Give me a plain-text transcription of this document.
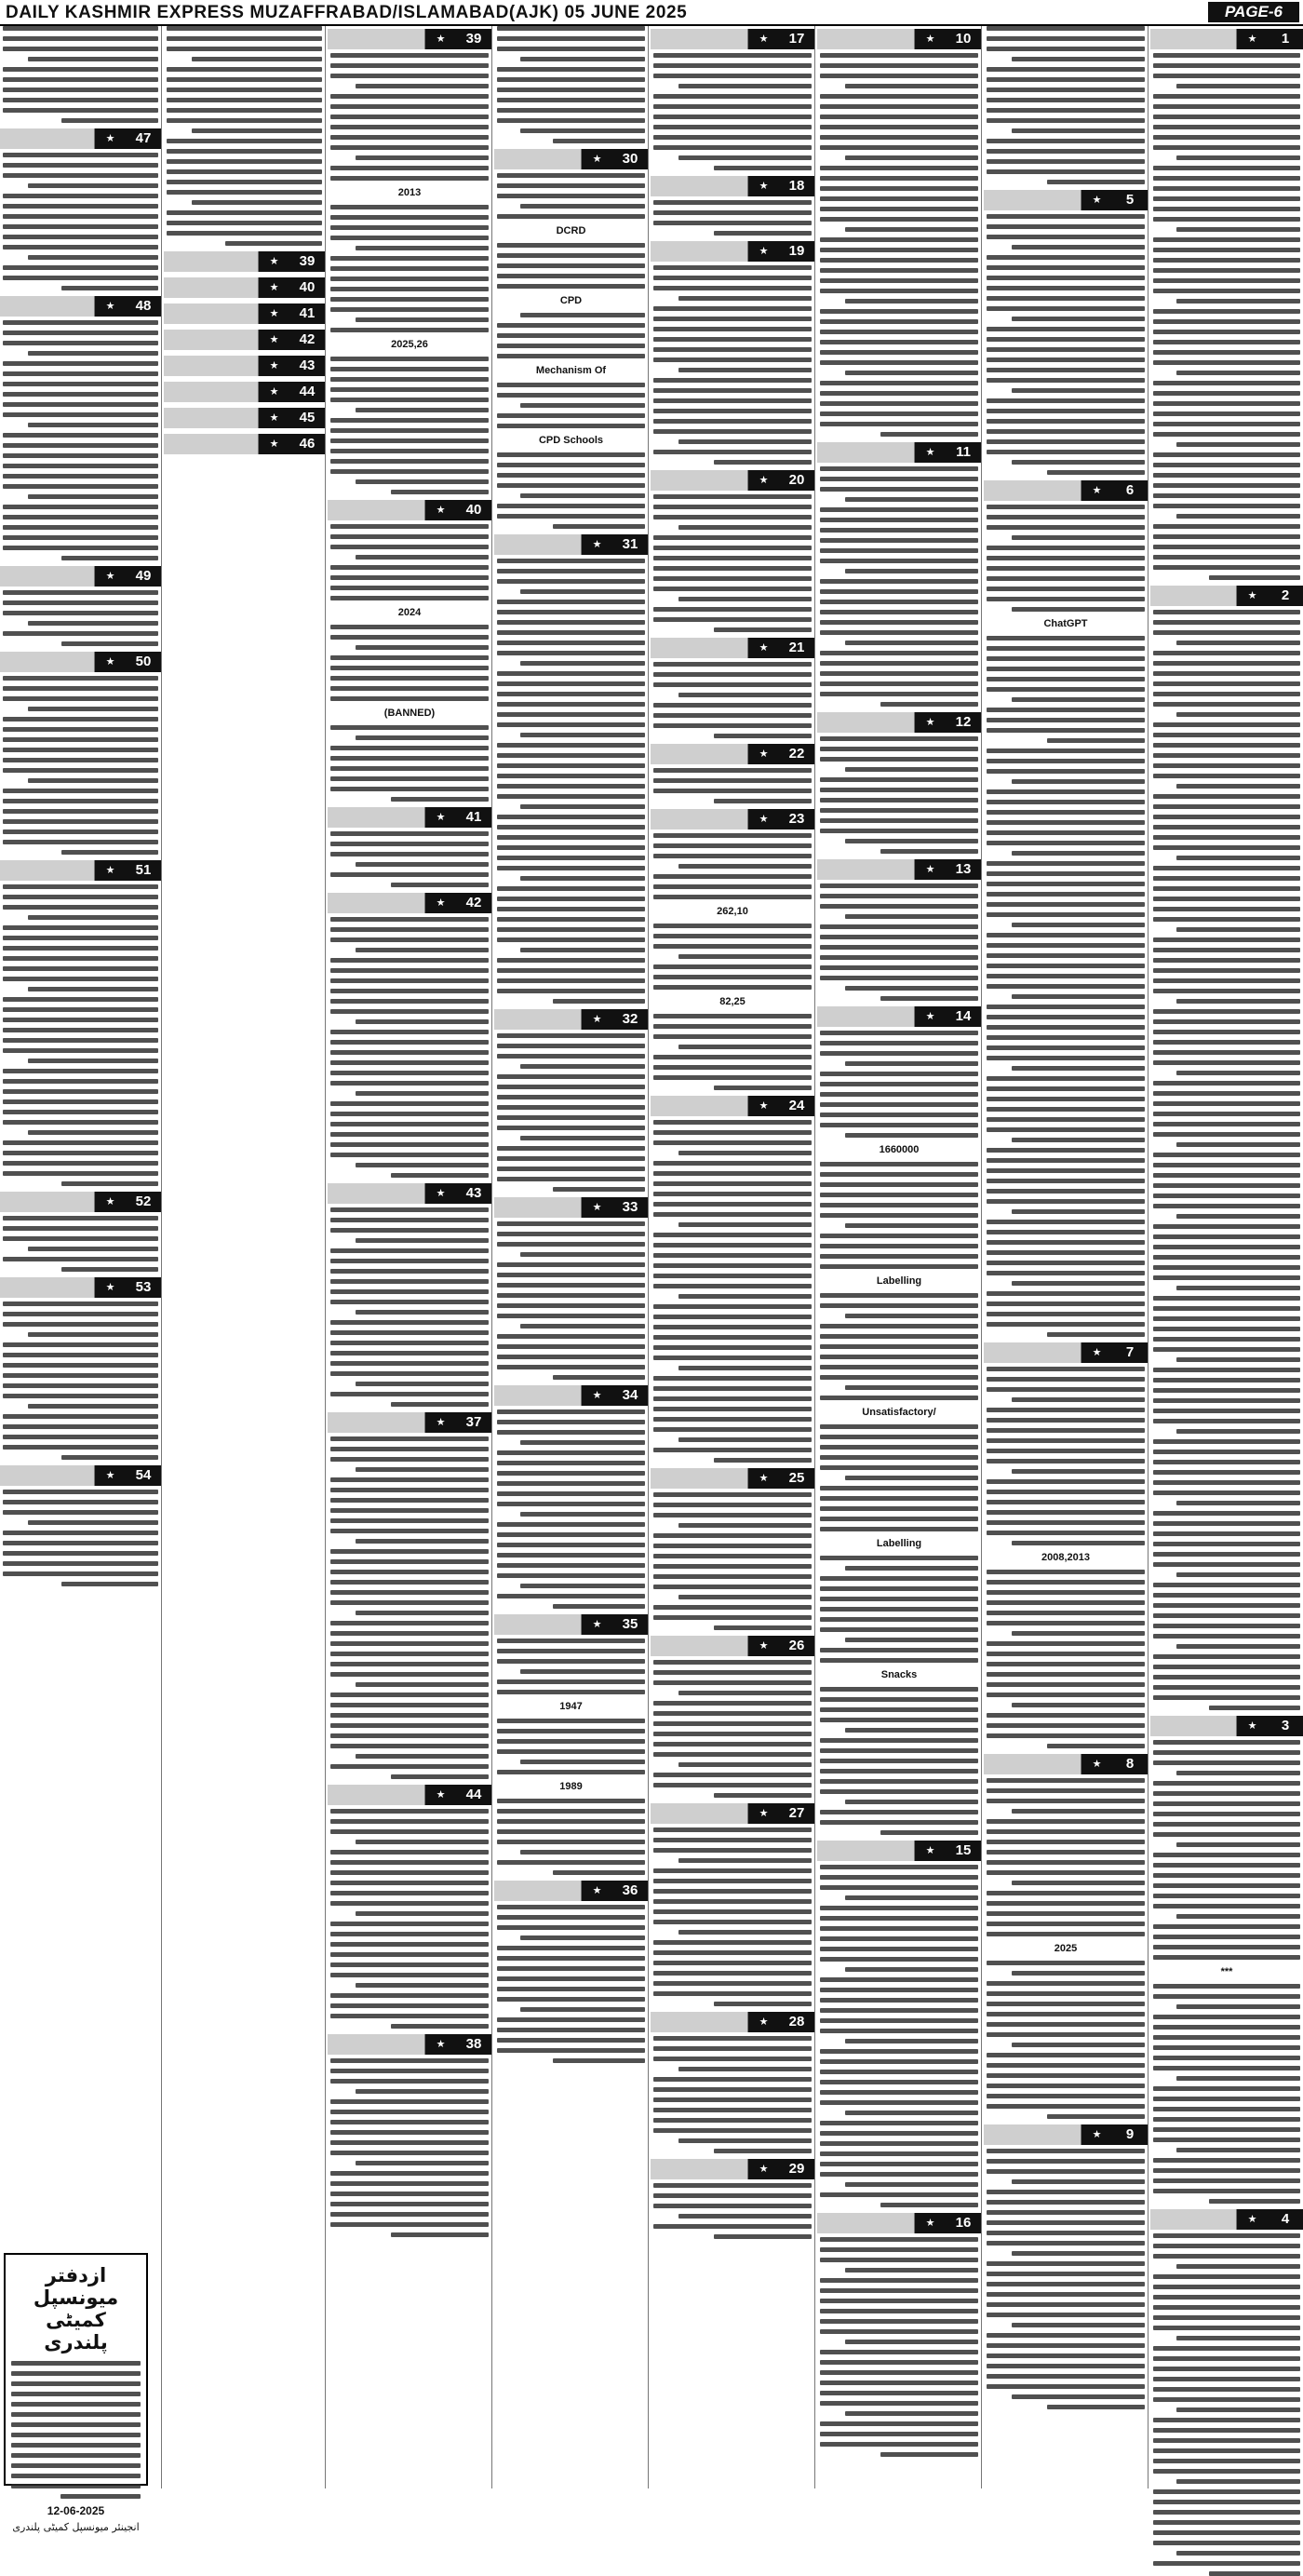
DAILY KASHMIR EXPRESS MUZAFFRABAD/ISLAMABAD(AJK) 05 JUNE 2025	PAGE-6
★
1
★
2
★
3
***
★
4
★
5
★
6
ChatGPT
★
7
2008,2013
★
8
2025
★
9
★
10
★
11
★
12
★
13
★
14
1660000
Labelling
Unsatisfactory/
Labelling
Snacks
★
15
★
16
★
17
★
18
★
19
★
20
★
21
★
22
★
23
262,10
82,25
★
24
★
25
★
26
★
27
★
28
★
29
★
30
DCRD
CPD
Mechanism Of
CPD Schools
★
31
★
32
★
33
★
34
★
35
1947
1989
★
36
★
39
2013
2025,26
★
40
2024
(BANNED)
★
41
★
42
★
43
★
37
★
44
★
38
★
39
★
40
★
41
★
42
★
43
★
44
★
45
★
46
★
47
★
48
★
49
★
50
★
51
★
52
★
53
★
54
ازدفتر میونسپل کمیٹی پلندری
12-06-2025
انجینئر میونسپل کمیٹی پلندری
